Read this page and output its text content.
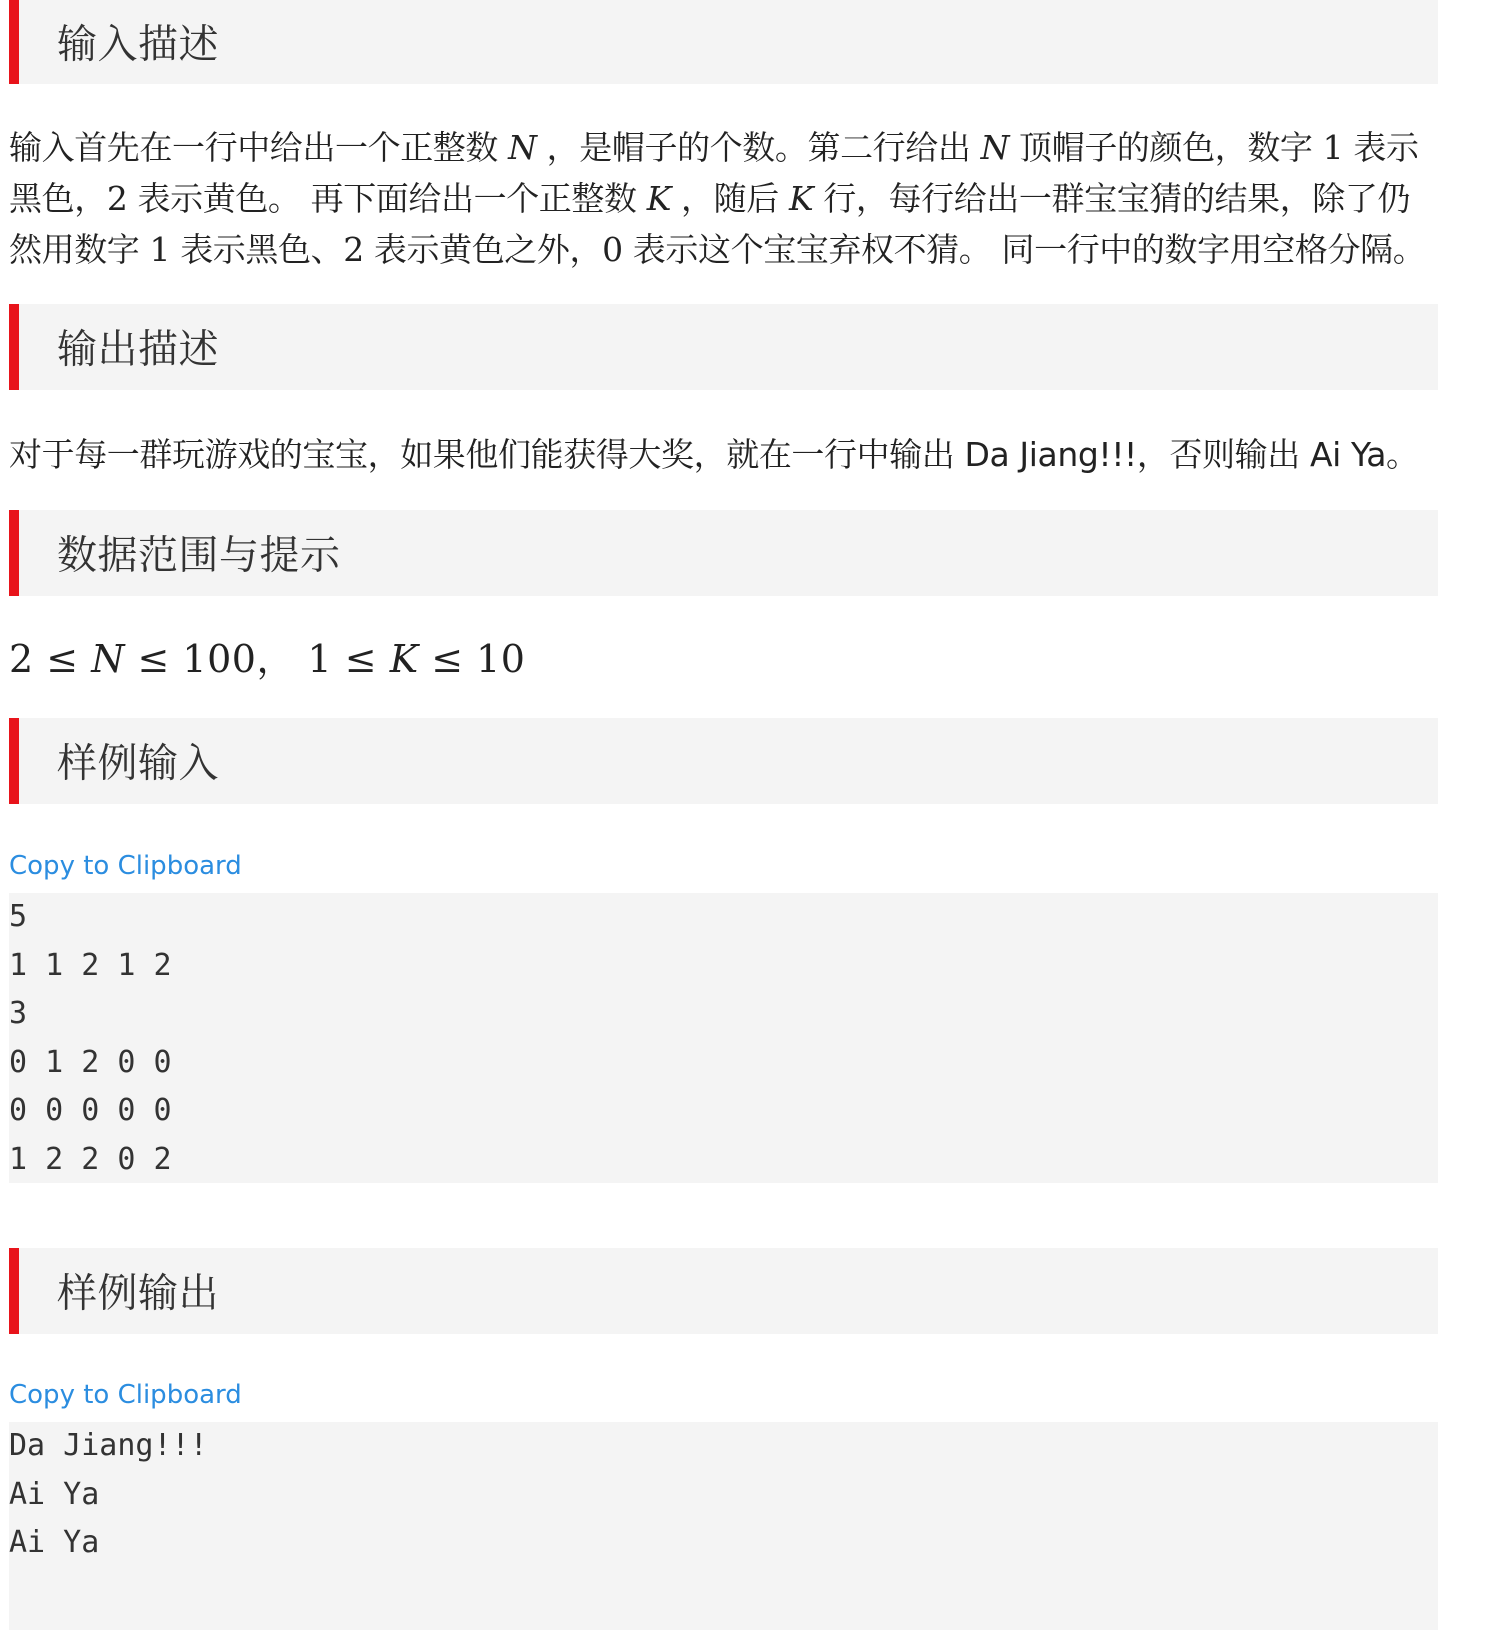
输入描述
输入首先在一行中给出一个正整数 N ，是帽子的个数。第二行给出 N 顶帽子的颜色，数字 1 表示黑色，2 表示黄色。 再下面给出一个正整数 K ，随后 K 行，每行给出一群宝宝猜的结果，除了仍然用数字 1 表示黑色、2 表示黄色之外，0 表示这个宝宝弃权不猜。 同一行中的数字用空格分隔。
输出描述
对于每一群玩游戏的宝宝，如果他们能获得大奖，就在一行中输出 Da Jiang!!!，否则输出 Ai Ya。
数据范围与提示
2 ≤ N ≤ 100， 1 ≤ K ≤ 10
样例输入
Copy to Clipboard
5
1 1 2 1 2
3
0 1 2 0 0
0 0 0 0 0
1 2 2 0 2
样例输出
Copy to Clipboard
Da Jiang!!!
Ai Ya
Ai Ya
